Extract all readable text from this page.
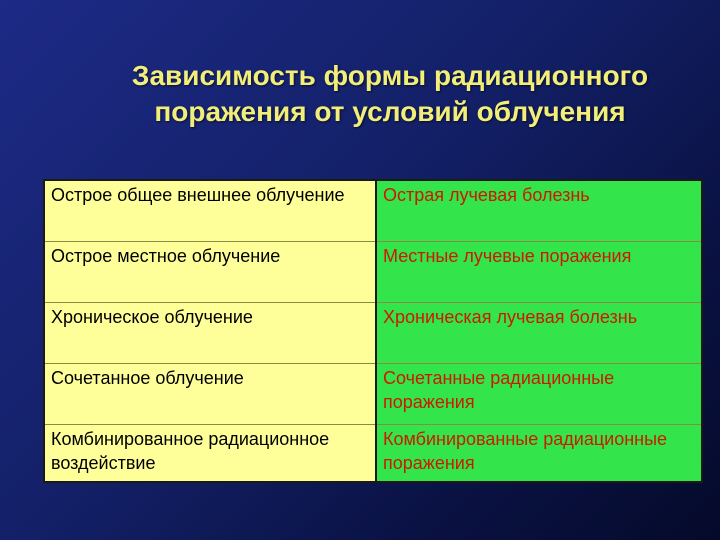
Зависимость формы радиационного
поражения от условий облучения
Острое общее внешнее облучение	Острая лучевая болезнь
Острое местное облучение	Местные лучевые поражения
Хроническое облучение	Хроническая лучевая болезнь
Сочетанное облучение	Сочетанные радиационные поражения
Комбинированное радиационное воздействие	Комбинированные радиационные поражения
